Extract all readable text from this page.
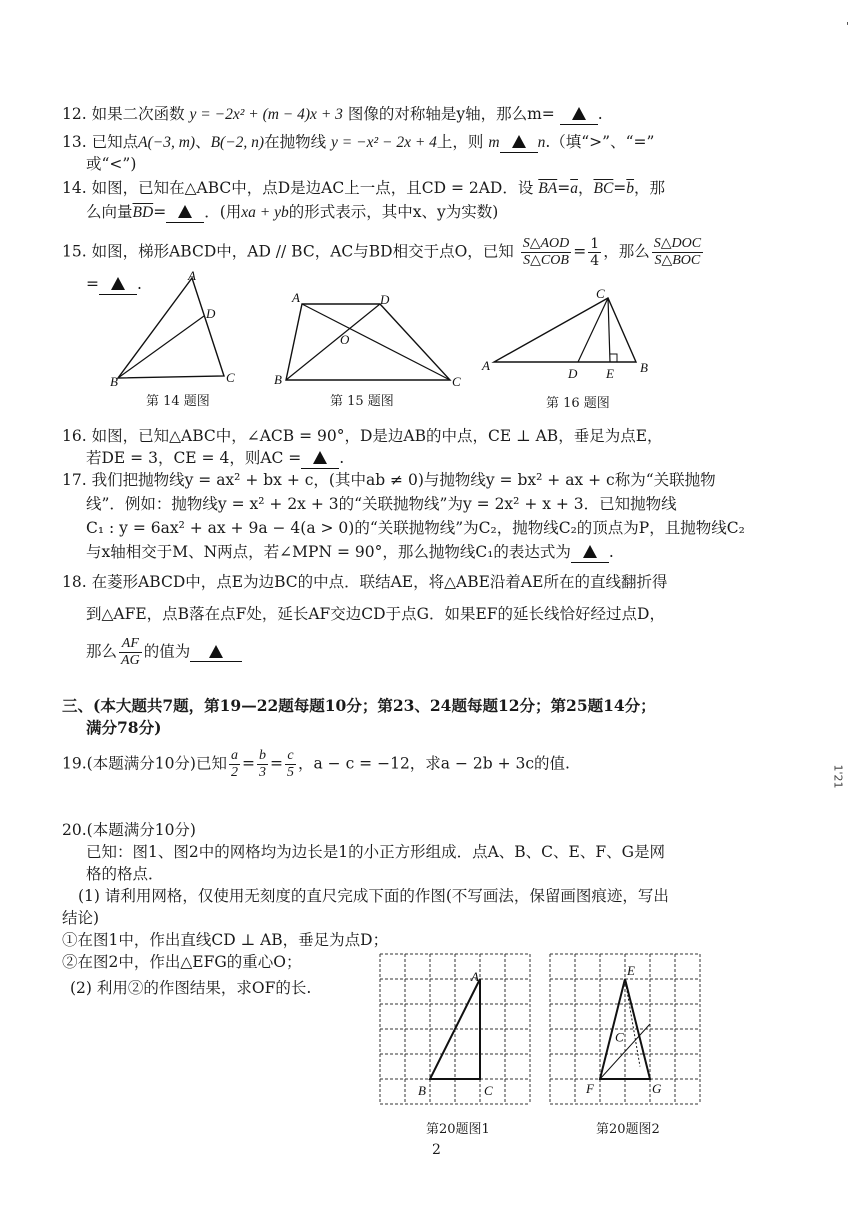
12. 如果二次函数 y = −2x² + (m − 4)x + 3 图像的对称轴是y轴，那么m=	.
13. 已知点A(−3, m)、B(−2, n)在抛物线 y = −x² − 2x + 4上，则 m n.（填“>”、“=”
或“<”)
14. 如图，已知在△ABC中，点D是边AC上一点，且CD = 2AD．设 $\overline{BA}=\overline{a}$，$\overline{BC}=\overline{b}$，那
么向量$\overline{BD}=$ ．(用xa + yb的形式表示，其中x、y为实数)
15. 如图，梯形ABCD中，AD // BC，AC与BD相交于点O，已知 $\frac{\text{S△AOD}}{\text{S△COB}} = \frac{1}{4}$ ，那么 $\frac{\text{S△DOC}}{\text{S△BOC}}$
= .	A
D
B	C
第 14 题图
A	D
O
B	C
第 15 题图
C
A
D E B
第 16 题图
16. 如图，已知△ABC中，∠ACB = 90°，D是边AB的中点，CE ⊥ AB，垂足为点E，
若DE = 3，CE = 4，则AC = .
17. 我们把抛物线y = ax² + bx + c，(其中ab ≠ 0)与抛物线y = bx² + ax + c称为“关联抛物
线”．例如：抛物线y = x² + 2x + 3的“关联抛物线”为y = 2x² + x + 3．已知抛物线
C₁ : y = 6ax² + ax + 9a − 4(a > 0)的“关联抛物线”为C₂，抛物线C₂的顶点为P，且抛物线C₂
与x轴相交于M、N两点，若∠MPN = 90°，那么抛物线C₁的表达式为 .
18. 在菱形ABCD中，点E为边BC的中点．联结AE，将△ABE沿着AE所在的直线翻折得
到△AFE，点B落在点F处，延长AF交边CD于点G．如果EF的延长线恰好经过点D，
那么 $\frac{AF}{AG}$ 的值为
三、(本大题共7题，第19—22题每题10分；第23、24题每题12分；第25题14分；
满分78分)
19.(本题满分10分)已知 $\frac{a}{2} = \frac{b}{3} = \frac{c}{5}$ ，a − c = −12，求a − 2b + 3c的值.
20.(本题满分10分)
已知：图1、图2中的网格均为边长是1的小正方形组成．点A、B、C、E、F、G是网
格的格点．
(1) 请利用网格，仅使用无刻度的直尺完成下面的作图(不写画法，保留画图痕迹，写出
结论)
①在图1中，作出直线CD ⊥ AB，垂足为点D；
②在图2中，作出△EFG的重心O；
(2) 利用②的作图结果，求OF的长.
A
B	C
第20题图1
E
F	G
C
第20题图2
2
1'21
'
